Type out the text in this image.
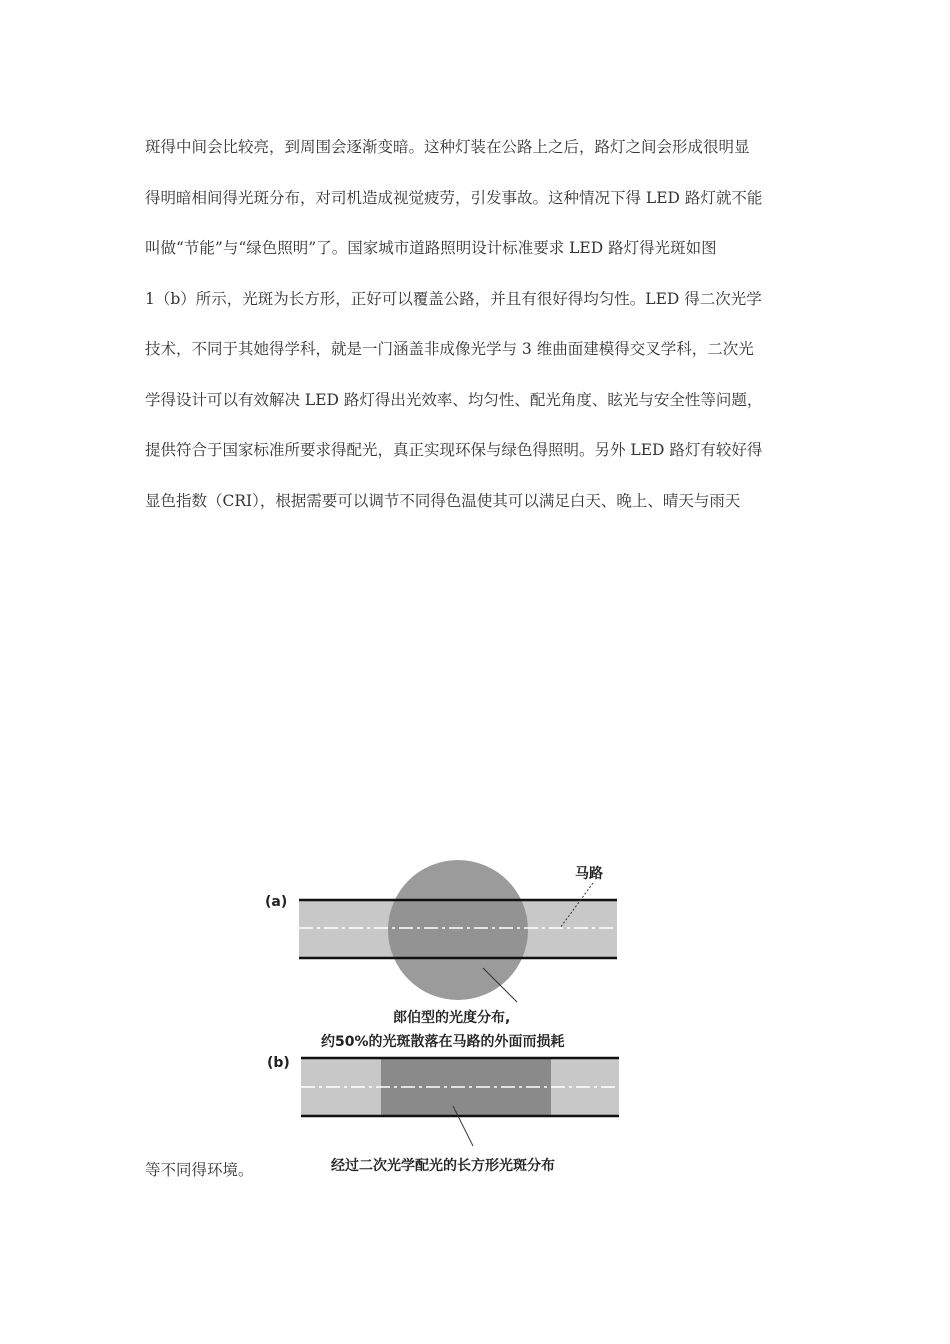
斑得中间会比较亮，到周围会逐渐变暗。这种灯装在公路上之后，路灯之间会形成很明显
得明暗相间得光斑分布，对司机造成视觉疲劳，引发事故。这种情况下得 LED 路灯就不能
叫做“节能”与“绿色照明”了。国家城市道路照明设计标准要求 LED 路灯得光斑如图
1（b）所示，光斑为长方形，正好可以覆盖公路，并且有很好得均匀性。LED 得二次光学
技术，不同于其她得学科，就是一门涵盖非成像光学与 3 维曲面建模得交叉学科，二次光
学得设计可以有效解决 LED 路灯得出光效率、均匀性、配光角度、眩光与安全性等问题，
提供符合于国家标准所要求得配光，真正实现环保与绿色得照明。另外 LED 路灯有较好得
显色指数（CRI），根据需要可以调节不同得色温使其可以满足白天、晚上、晴天与雨天
(a)
(b)
马路
郎伯型的光度分布,
约50%的光斑散落在马路的外面而损耗
经过二次光学配光的长方形光斑分布

等不同得环境。
